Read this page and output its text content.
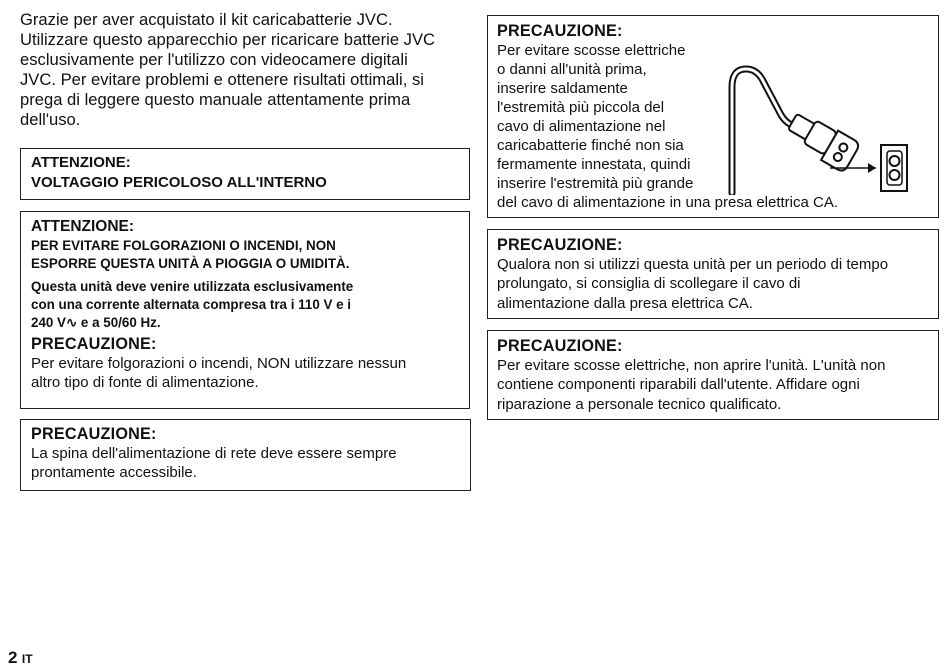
Grazie per aver acquistato il kit caricabatterie JVC.
Utilizzare questo apparecchio per ricaricare batterie JVC
esclusivamente per l'utilizzo con videocamere digitali
JVC. Per evitare problemi e ottenere risultati ottimali, si
prega di leggere questo manuale attentamente prima
dell'uso.

ATTENZIONE:

VOLTAGGIO PERICOLOSO ALL'INTERNO

ATTENZIONE:

PER EVITARE FOLGORAZIONI O INCENDI, NON
ESPORRE QUESTA UNITÀ A PIOGGIA O UMIDITÀ.

Questa unità deve venire utilizzata esclusivamente
con una corrente alternata compresa tra i 110 V e i
240 V∿ e a 50/60 Hz.

PRECAUZIONE:

Per evitare folgorazioni o incendi, NON utilizzare nessun
altro tipo di fonte di alimentazione.

PRECAUZIONE:

La spina dell'alimentazione di rete deve essere sempre
prontamente accessibile.

PRECAUZIONE:

Per evitare scosse elettriche
o danni all'unità prima,
inserire saldamente
l'estremità più piccola del
cavo di alimentazione nel
caricabatterie finché non sia
fermamente innestata, quindi
inserire l'estremità più grande
del cavo di alimentazione in una presa elettrica CA.

PRECAUZIONE:

Qualora non si utilizzi questa unità per un periodo di tempo
prolungato, si consiglia di scollegare il cavo di
alimentazione dalla presa elettrica CA.

PRECAUZIONE:

Per evitare scosse elettriche, non aprire l'unità. L'unità non
contiene componenti riparabili dall'utente. Affidare ogni
riparazione a personale tecnico qualificato.

2 IT
